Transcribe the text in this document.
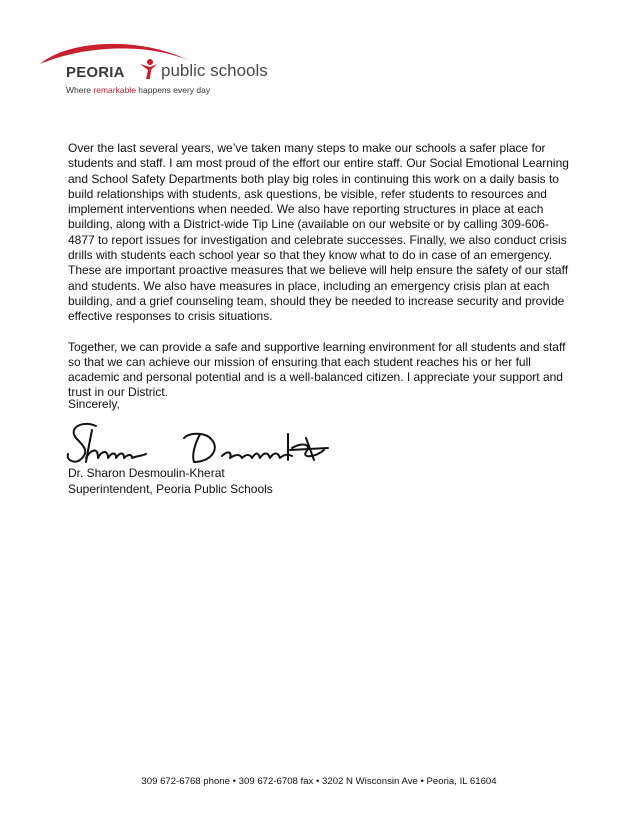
PEORIA public schools
Where remarkable happens every day

Over the last several years, we’ve taken many steps to make our schools a safer place for students and staff. I am most proud of the effort our entire staff. Our Social Emotional Learning and School Safety Departments both play big roles in continuing this work on a daily basis to build relationships with students, ask questions, be visible, refer students to resources and implement interventions when needed. We also have reporting structures in place at each building, along with a District-wide Tip Line (available on our website or by calling 309-606-4877 to report issues for investigation and celebrate successes. Finally, we also conduct crisis drills with students each school year so that they know what to do in case of an emergency. These are important proactive measures that we believe will help ensure the safety of our staff and students. We also have measures in place, including an emergency crisis plan at each building, and a grief counseling team, should they be needed to increase security and provide effective responses to crisis situations.

Together, we can provide a safe and supportive learning environment for all students and staff so that we can achieve our mission of ensuring that each student reaches his or her full academic and personal potential and is a well-balanced citizen. I appreciate your support and trust in our District.

Sincerely,
Dr. Sharon Desmoulin-Kherat
Superintendent, Peoria Public Schools
309 672-6768 phone • 309 672-6708 fax • 3202 N Wisconsin Ave • Peoria, IL 61604
